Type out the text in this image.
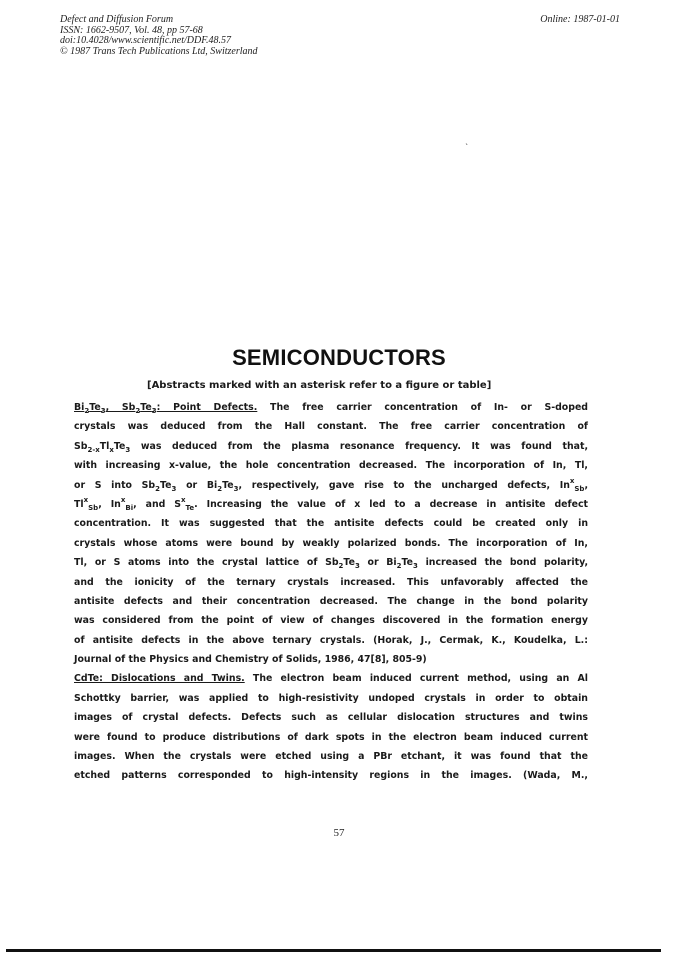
Defect and Diffusion Forum
ISSN: 1662-9507, Vol. 48, pp 57-68
doi:10.4028/www.scientific.net/DDF.48.57
© 1987 Trans Tech Publications Ltd, Switzerland
Online: 1987-01-01
`
SEMICONDUCTORS
[Abstracts marked with an asterisk refer to a figure or table]
$Bi_2Te_3$, $Sb_2Te_3$: Point Defects. The free carrier concentration of In- or S-doped
crystals was deduced from the Hall constant. The free carrier concentration of
$Sb_{2-x}Tl_xTe_3$ was deduced from the plasma resonance frequency. It was found that,
with increasing x-value, the hole concentration decreased. The incorporation of In, Tl,
or S into $Sb_2Te_3$ or $Bi_2Te_3$, respectively, gave rise to the uncharged defects, $In^x_{Sb}$,
$Tl^x_{Sb}$, $In^x_{Bi}$, and $S^x_{Te}$. Increasing the value of x led to a decrease in antisite defect
concentration. It was suggested that the antisite defects could be created only in
crystals whose atoms were bound by weakly polarized bonds. The incorporation of In,
Tl, or S atoms into the crystal lattice of $Sb_2Te_3$ or $Bi_2Te_3$ increased the bond polarity,
and the ionicity of the ternary crystals increased. This unfavorably affected the
antisite defects and their concentration decreased. The change in the bond polarity
was considered from the point of view of changes discovered in the formation energy
of antisite defects in the above ternary crystals. (Horak, J., Cermak, K., Koudelka, L.:
Journal of the Physics and Chemistry of Solids, 1986, 47[8], 805-9)
CdTe: Dislocations and Twins. The electron beam induced current method, using an Al
Schottky barrier, was applied to high-resistivity undoped crystals in order to obtain
images of crystal defects. Defects such as cellular dislocation structures and twins
were found to produce distributions of dark spots in the electron beam induced current
images. When the crystals were etched using a PBr etchant, it was found that the
etched patterns corresponded to high-intensity regions in the images. (Wada, M.,
57
